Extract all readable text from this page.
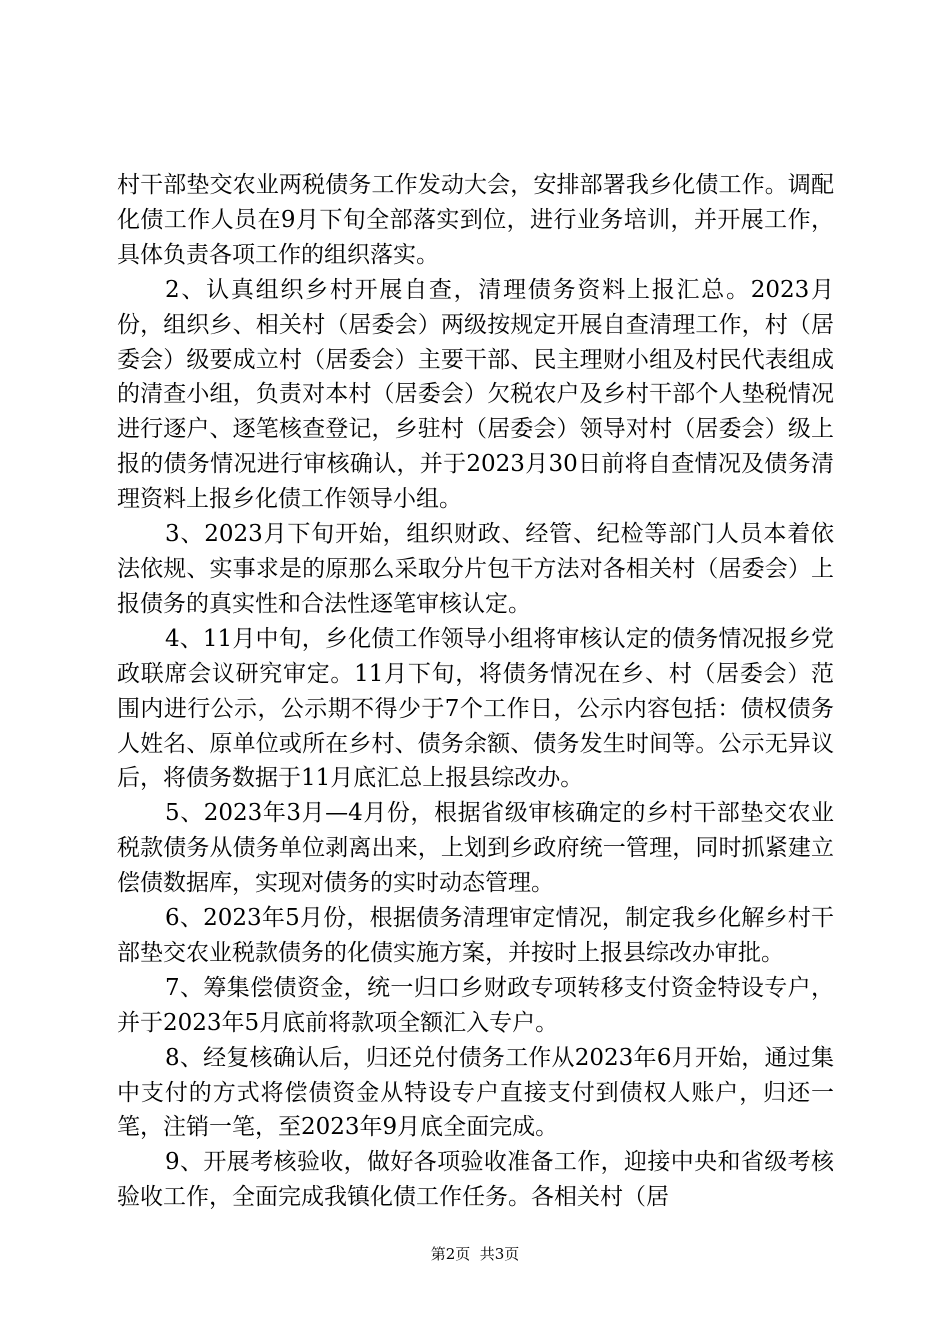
村干部垫交农业两税债务工作发动大会，安排部署我乡化债工作。调配化债工作人员在9月下旬全部落实到位，进行业务培训，并开展工作，具体负责各项工作的组织落实。

2、认真组织乡村开展自查，清理债务资料上报汇总。2023月份，组织乡、相关村（居委会）两级按规定开展自查清理工作，村（居委会）级要成立村（居委会）主要干部、民主理财小组及村民代表组成的清查小组，负责对本村（居委会）欠税农户及乡村干部个人垫税情况进行逐户、逐笔核查登记，乡驻村（居委会）领导对村（居委会）级上报的债务情况进行审核确认，并于2023月30日前将自查情况及债务清理资料上报乡化债工作领导小组。

3、2023月下旬开始，组织财政、经管、纪检等部门人员本着依法依规、实事求是的原那么采取分片包干方法对各相关村（居委会）上报债务的真实性和合法性逐笔审核认定。

4、11月中旬，乡化债工作领导小组将审核认定的债务情况报乡党政联席会议研究审定。11月下旬，将债务情况在乡、村（居委会）范围内进行公示，公示期不得少于7个工作日，公示内容包括：债权债务人姓名、原单位或所在乡村、债务余额、债务发生时间等。公示无异议后，将债务数据于11月底汇总上报县综改办。

5、2023年3月—4月份，根据省级审核确定的乡村干部垫交农业税款债务从债务单位剥离出来，上划到乡政府统一管理，同时抓紧建立偿债数据库，实现对债务的实时动态管理。

6、2023年5月份，根据债务清理审定情况，制定我乡化解乡村干部垫交农业税款债务的化债实施方案，并按时上报县综改办审批。

7、筹集偿债资金，统一归口乡财政专项转移支付资金特设专户，并于2023年5月底前将款项全额汇入专户。

8、经复核确认后，归还兑付债务工作从2023年6月开始，通过集中支付的方式将偿债资金从特设专户直接支付到债权人账户，归还一笔，注销一笔，至2023年9月底全面完成。

9、开展考核验收，做好各项验收准备工作，迎接中央和省级考核验收工作，全面完成我镇化债工作任务。各相关村（居

第2页  共3页
